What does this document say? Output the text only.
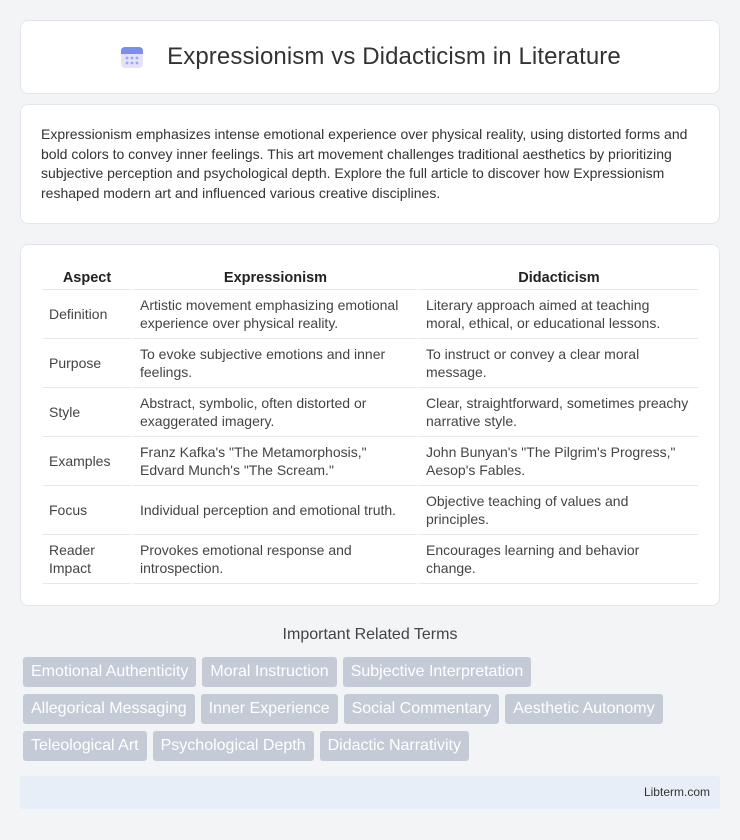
Expressionism vs Didacticism in Literature

Expressionism emphasizes intense emotional experience over physical reality, using distorted forms and bold colors to convey inner feelings. This art movement challenges traditional aesthetics by prioritizing subjective perception and psychological depth. Explore the full article to discover how Expressionism reshaped modern art and influenced various creative disciplines.

Aspect	Expressionism	Didacticism
Definition	Artistic movement emphasizing emotional experience over physical reality.	Literary approach aimed at teaching moral, ethical, or educational lessons.
Purpose	To evoke subjective emotions and inner feelings.	To instruct or convey a clear moral message.
Style	Abstract, symbolic, often distorted or exaggerated imagery.	Clear, straightforward, sometimes preachy narrative style.
Examples	Franz Kafka's "The Metamorphosis," Edvard Munch's "The Scream."	John Bunyan's "The Pilgrim's Progress," Aesop's Fables.
Focus	Individual perception and emotional truth.	Objective teaching of values and principles.
Reader Impact	Provokes emotional response and introspection.	Encourages learning and behavior change.
Important Related Terms
Emotional Authenticity	Moral Instruction	Subjective Interpretation
Allegorical Messaging	Inner Experience	Social Commentary	Aesthetic Autonomy
Teleological Art	Psychological Depth	Didactic Narrativity
Libterm.com
